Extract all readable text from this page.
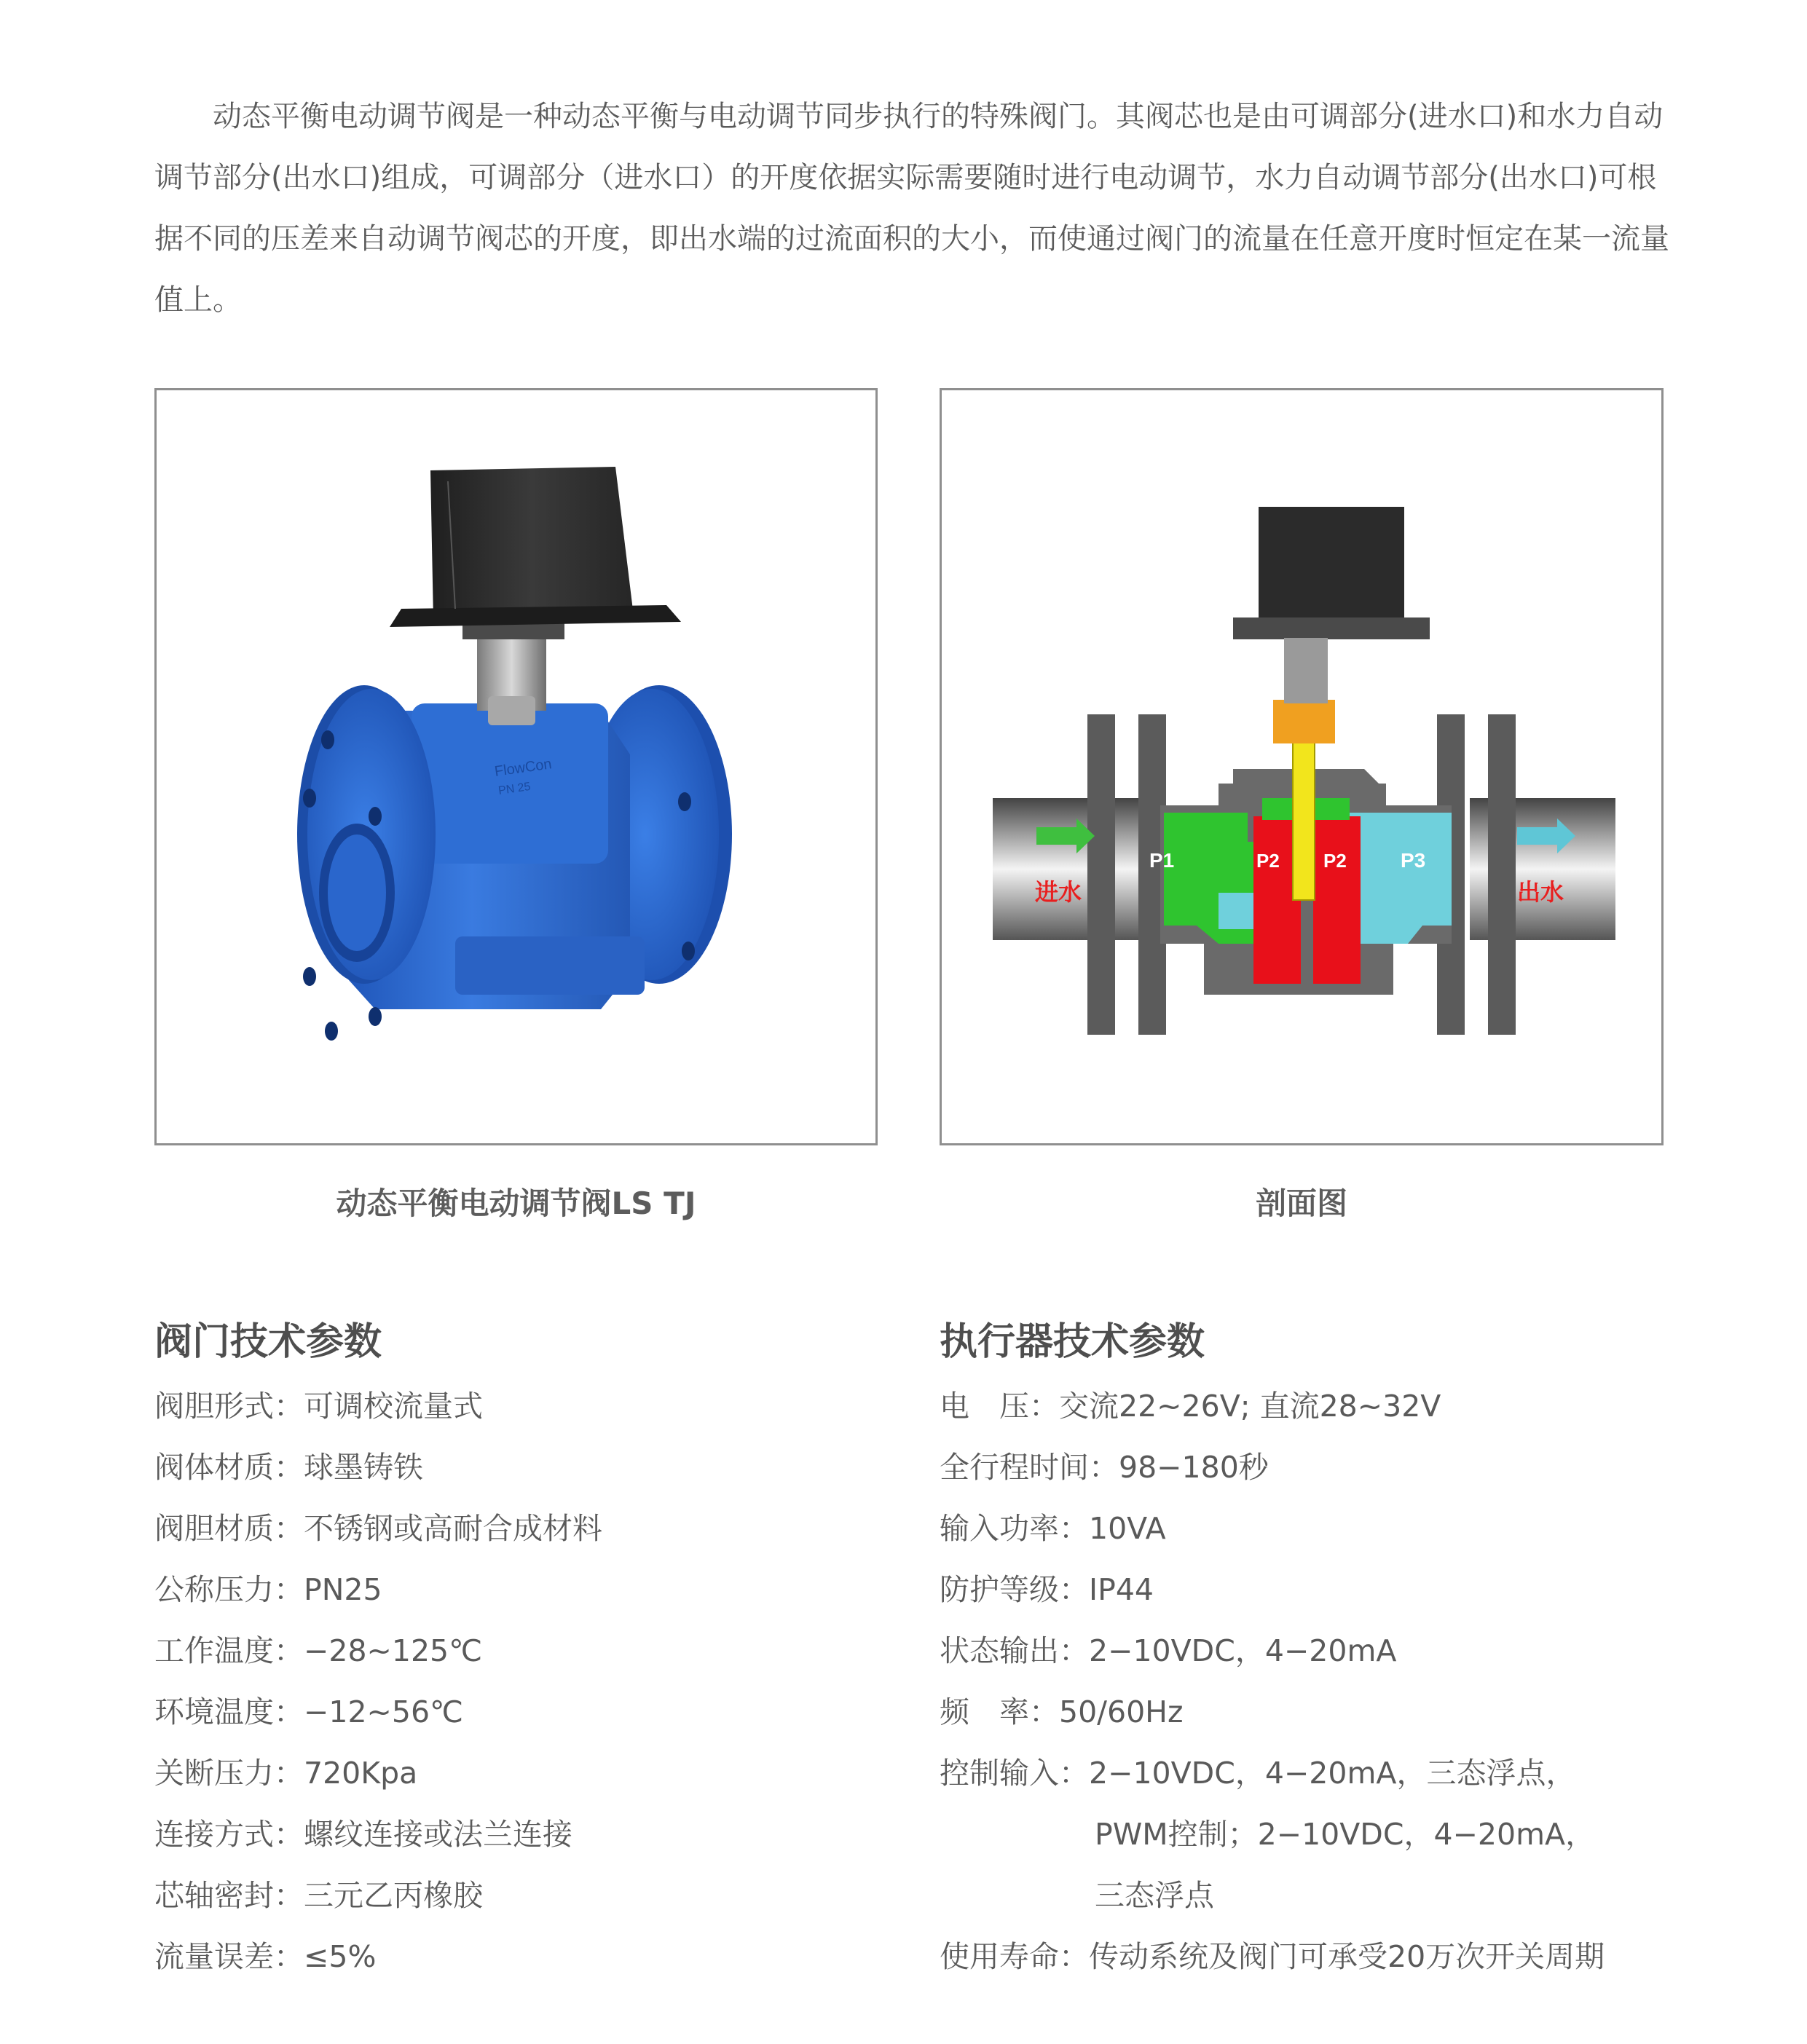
动态平衡电动调节阀是一种动态平衡与电动调节同步执行的特殊阀门。其阀芯也是由可调部分(进水口)和水力自动调节部分(出水口)组成，可调部分（进水口）的开度依据实际需要随时进行电动调节，水力自动调节部分(出水口)可根据不同的压差来自动调节阀芯的开度，即出水端的过流面积的大小，而使通过阀门的流量在任意开度时恒定在某一流量值上。

FlowCon
PN 25
P1	P2 P2	P3
进水	出水
动态平衡电动调节阀LS TJ	剖面图
阀门技术参数	执行器技术参数
阀胆形式：可调校流量式
阀体材质：球墨铸铁
阀胆材质：不锈钢或高耐合成材料
公称压力：PN25
工作温度：−28~125℃
环境温度：−12~56℃
关断压力：720Kpa
连接方式：螺纹连接或法兰连接
芯轴密封：三元乙丙橡胶
流量误差：≤5%
电　压：交流22~26V; 直流28~32V
全行程时间：98−180秒
输入功率：10VA
防护等级：IP44
状态输出：2−10VDC，4−20mA
频　率：50/60Hz
控制输入：2−10VDC，4−20mA，三态浮点，
PWM控制；2−10VDC，4−20mA，
三态浮点
使用寿命：传动系统及阀门可承受20万次开关周期
